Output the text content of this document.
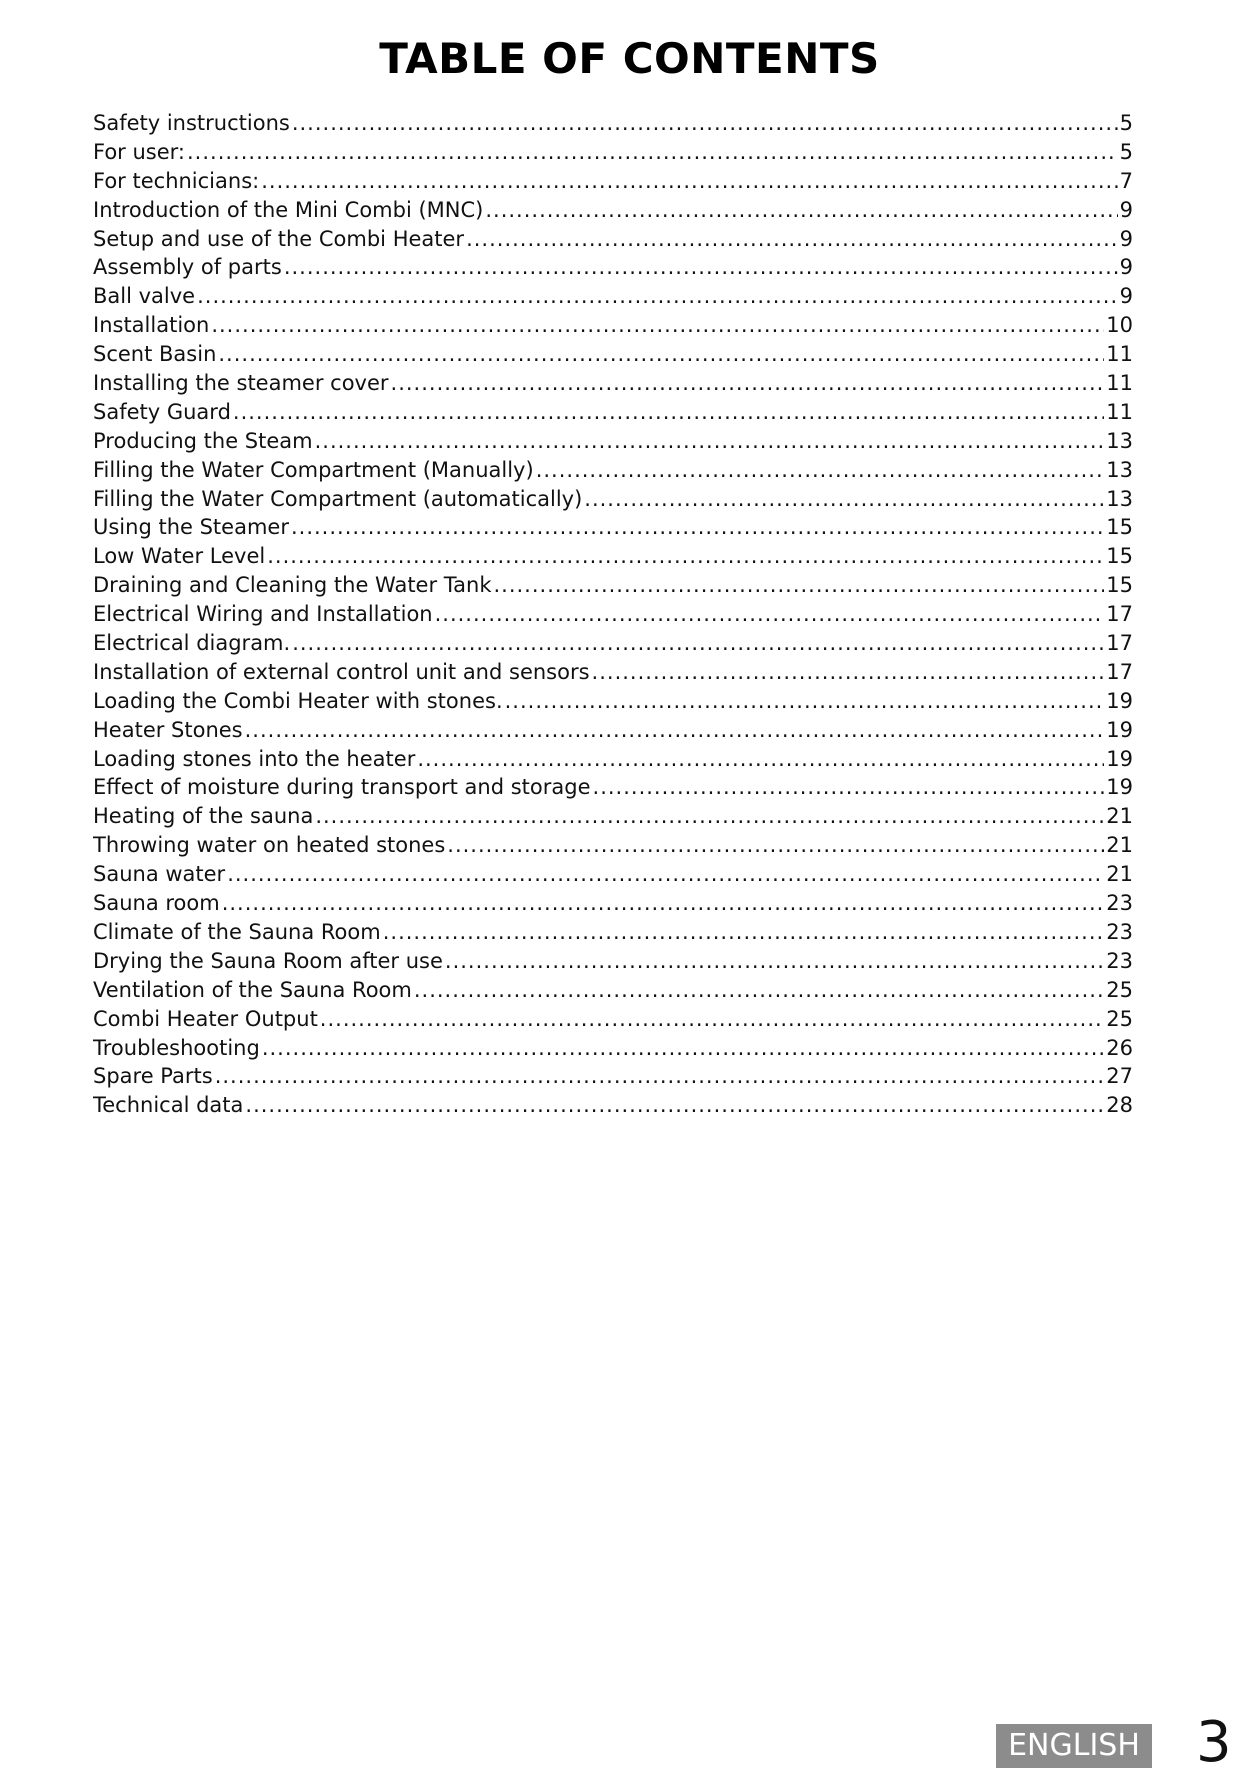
TABLE OF CONTENTS
Safety instructions .....	5
For user: .....	5
For technicians: .....	7
Introduction of the Mini Combi (MNC) .....	9
Setup and use of the Combi Heater .....	9
Assembly of parts .....	9
Ball valve .....	9
Installation .....	10
Scent Basin .....	11
Installing the steamer cover .....	11
Safety Guard .....	11
Producing the Steam .....	13
Filling the Water Compartment (Manually) .....	13
Filling the Water Compartment (automatically) .....	13
Using the Steamer .....	15
Low Water Level .....	15
Draining and Cleaning the Water Tank .....	15
Electrical Wiring and Installation .....	17
Electrical diagram. .....	17
Installation of external control unit and sensors .....	17
Loading the Combi Heater with stones. .....	19
Heater Stones .....	19
Loading stones into the heater .....	19
Effect of moisture during transport and storage .....	19
Heating of the sauna .....	21
Throwing water on heated stones .....	21
Sauna water .....	21
Sauna room .....	23
Climate of the Sauna Room .....	23
Drying the Sauna Room after use .....	23
Ventilation of the Sauna Room .....	25
Combi Heater Output .....	25
Troubleshooting .....	26
Spare Parts .....	27
Technical data .....	28
ENGLISH 3
